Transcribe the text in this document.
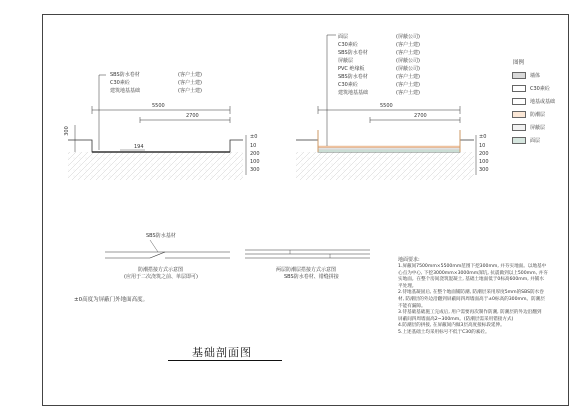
SBS防水卷材	(客户土建)
C30素砼	(客户土建)
建筑地基基础	(客户土建)
5500
2700
300
194
±0
10
200
100
300
面层	(屏蔽公司)
C30素砼	(客户土建)
SBS防水卷材	(客户土建)
屏蔽层	(屏蔽公司)
PVC 绝缘板	(屏蔽公司)
SBS防水卷材	(客户土建)
C30素砼	(客户土建)
建筑地基基础	(客户土建)
5500
2700
±0
10
200
100
300
图例
墙体
C30素砼
地基或基础
防潮层
屏蔽层
面层
SBS防水基材
防潮搭接方式示意图
(应用于二次浇筑之前、单层即可)
两层防潮层搭接方式示意图
SBS防水卷材、错缝拼接
±0高度为屏蔽门外地面高度。
地面要求:
1.屏蔽间7500mm×5500mm范围下挖300mm, 并夯实地面。以地基中
心点为中心, 下挖3000mm×3000mm深坑, 抗震做到以上500mm, 并夯
实地面。在整个房间浇筑混凝土, 基础土地面低于0标高600mm, 并铺水
平处理。
2.待地基凝固后, 在整个地面铺防潮, 防潮层采用厚度5mm的SBS防水卷
材, 防潮层的外边沿翻到屏蔽间四周墙面高于±0标高的300mm。防潮层
不能有漏隙。
3.待基础基础施工完成后, 用户需要再次制作防潮, 防潮层的外边沿翻到
屏蔽间四周墙面高2~300mm。(防潮层需采用错接方式)
4.防潮层的拼接, 在屏蔽间内做3层高度接标段延伸。
5.上述基础土均采用标号不低于C30的素砼。
基础剖面图
